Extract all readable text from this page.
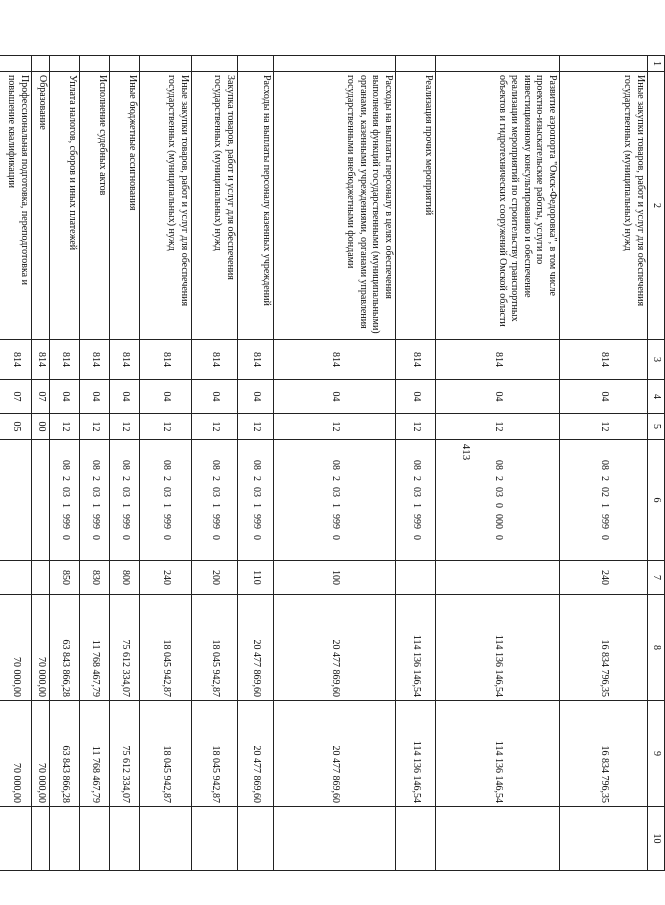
413
1	2	3	4	5	6	7	8	9	10
	Иные закупки товаров, работ и услуг для обеспечения государственных (муниципальных) нужд	814	04	12	0820219990	240	16 834 796,35	16 834 796,35	
	Развитие аэропорта "Омск-Федоровка", в том числе проектно-изыскательские работы, услуги по инвестиционному консультированию и обеспечение реализации мероприятий по строительству транспортных объектов и гидротехнических сооружений Омской области	814	04	12	0820300000		114 136 146,54	114 136 146,54	
	Реализация прочих мероприятий	814	04	12	0820319990		114 136 146,54	114 136 146,54	
	Расходы на выплаты персоналу в целях обеспечения выполнения функций государственными (муниципальными) органами, казенными учреждениями, органами управления государственными внебюджетными фондами	814	04	12	0820319990	100	20 477 869,60	20 477 869,60	
	Расходы на выплаты персоналу казенных учреждений	814	04	12	0820319990	110	20 477 869,60	20 477 869,60	
	Закупка товаров, работ и услуг для обеспечения государственных (муниципальных) нужд	814	04	12	0820319990	200	18 045 942,87	18 045 942,87	
	Иные закупки товаров, работ и услуг для обеспечения государственных (муниципальных) нужд	814	04	12	0820319990	240	18 045 942,87	18 045 942,87	
	Иные бюджетные ассигнования	814	04	12	0820319990	800	75 612 334,07	75 612 334,07	
	Исполнение судебных актов	814	04	12	0820319990	830	11 768 467,79	11 768 467,79	
	Уплата налогов, сборов и иных платежей	814	04	12	0820319990	850	63 843 866,28	63 843 866,28	
	Образование	814	07	00			70 000,00	70 000,00	
	Профессиональная подготовка, переподготовка и повышение квалификации	814	07	05			70 000,00	70 000,00	
